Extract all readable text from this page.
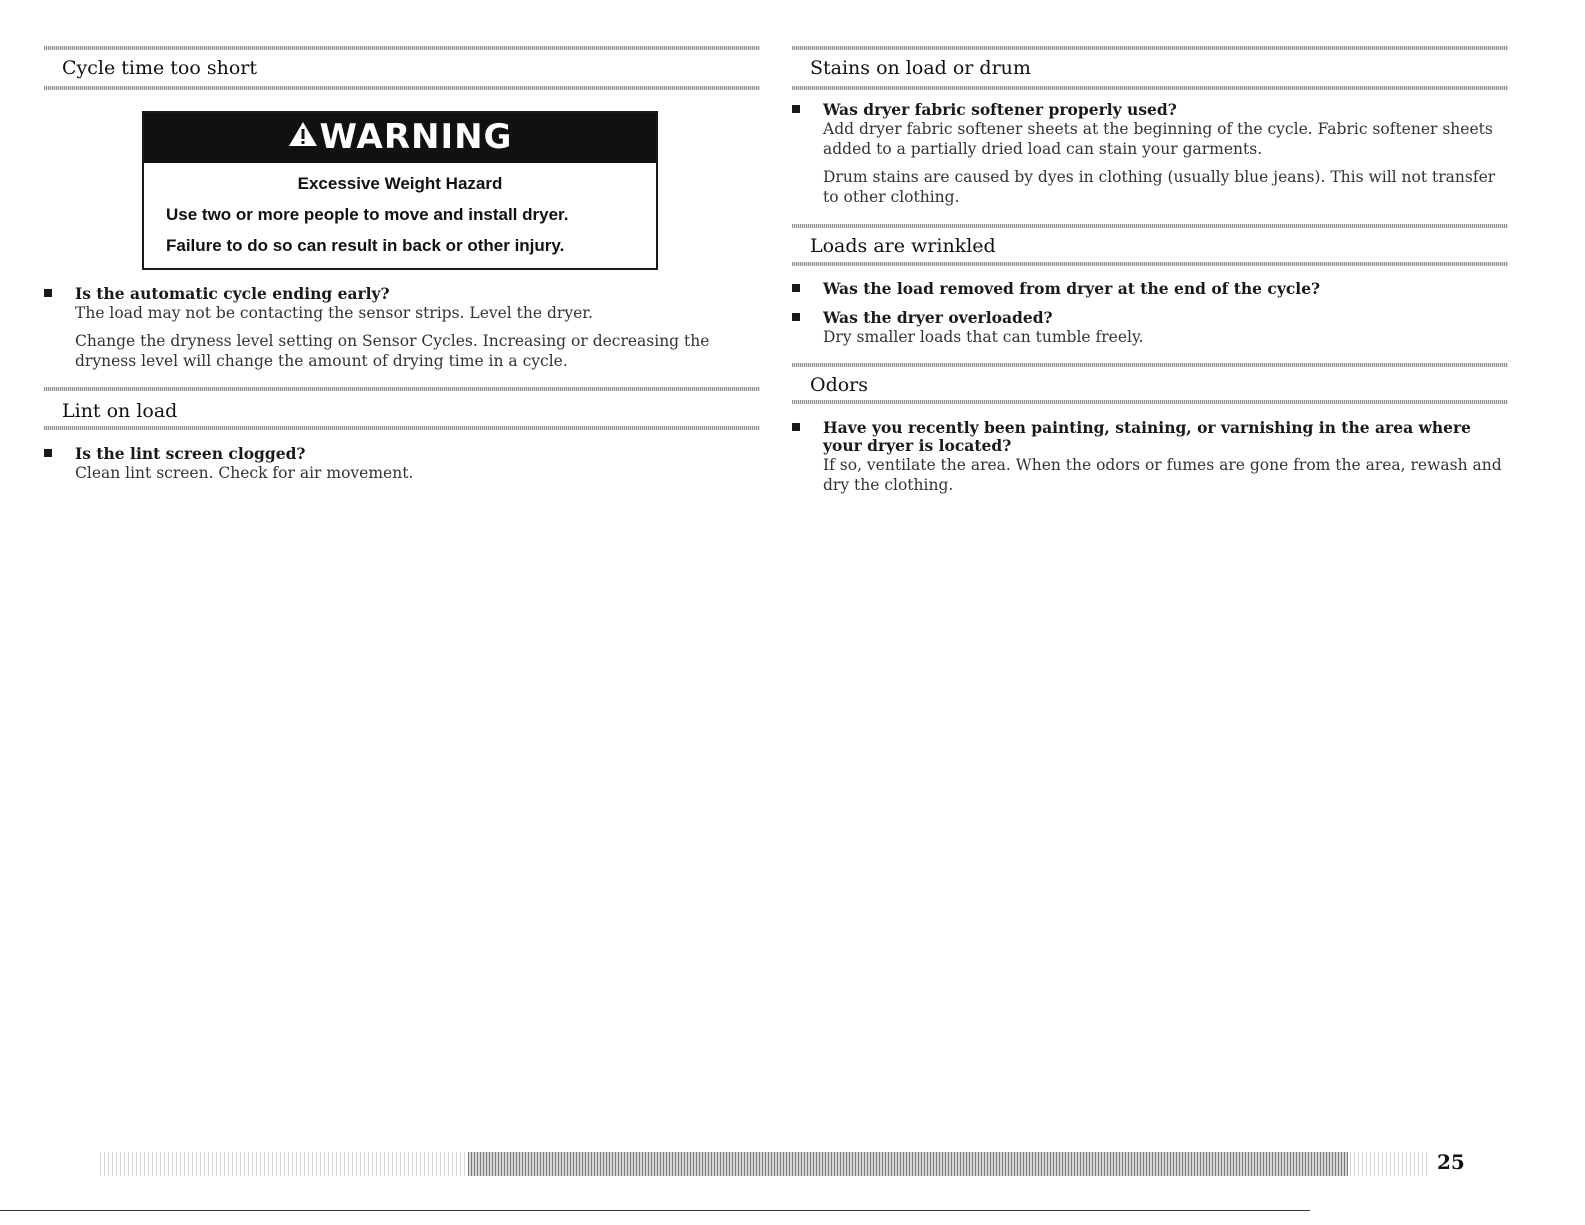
Cycle time too short
WARNING
Excessive Weight Hazard
Use two or more people to move and install dryer.
Failure to do so can result in back or other injury.

Is the automatic cycle ending early?

The load may not be contacting the sensor strips. Level the dryer.

Change the dryness level setting on Sensor Cycles. Increasing or decreasing the dryness level will change the amount of drying time in a cycle.

Lint on load

Is the lint screen clogged?

Clean lint screen. Check for air movement.

Stains on load or drum

Was dryer fabric softener properly used?

Add dryer fabric softener sheets at the beginning of the cycle. Fabric softener sheets added to a partially dried load can stain your garments.

Drum stains are caused by dyes in clothing (usually blue jeans). This will not transfer to other clothing.

Loads are wrinkled

Was the load removed from dryer at the end of the cycle?

Was the dryer overloaded?

Dry smaller loads that can tumble freely.

Odors

Have you recently been painting, staining, or varnishing in the area where your dryer is located?

If so, ventilate the area. When the odors or fumes are gone from the area, rewash and dry the clothing.

25
